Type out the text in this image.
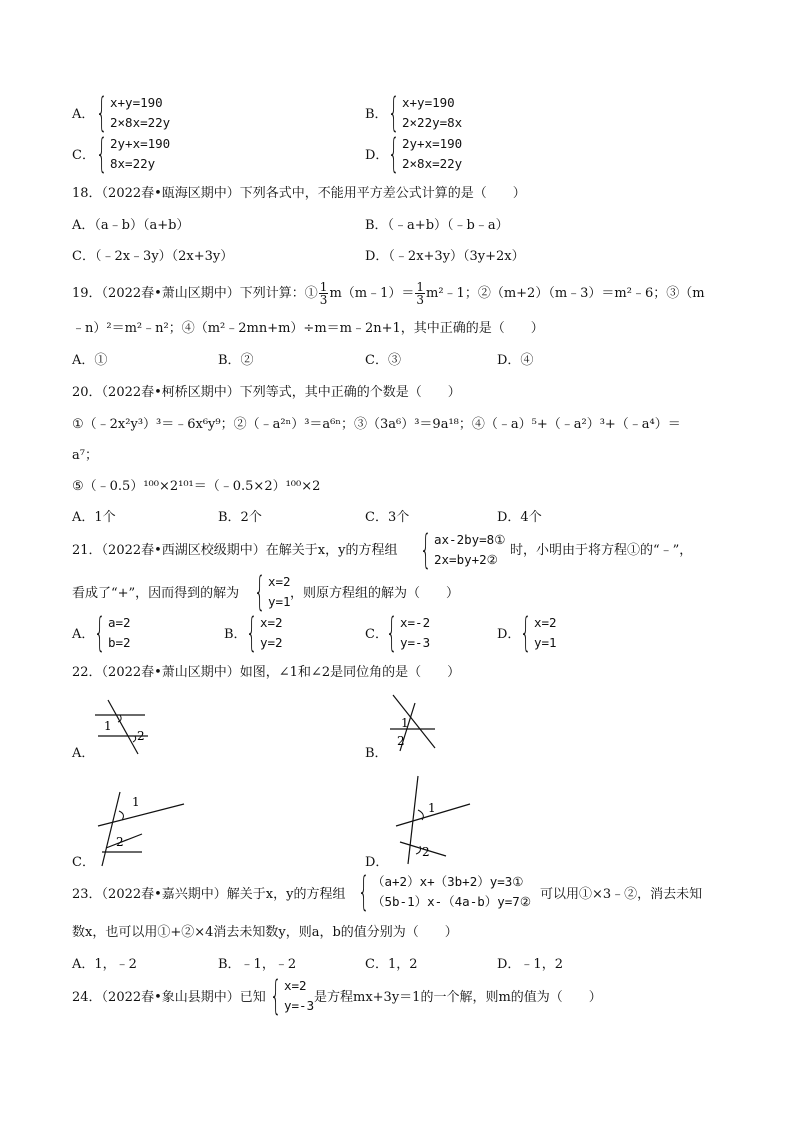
A． { x+y=190
2×8x=22y
B． { x+y=190
2×22y=8x
C． { 2y+x=190
8x=22y
D． { 2y+x=190
2×8x=22y
18．（2022春•瓯海区期中）下列各式中，不能用平方差公式计算的是（　　）
A．（a﹣b）（a+b）	B．（﹣a+b）（﹣b﹣a）
C．（﹣2x﹣3y）（2x+3y）	D．（﹣2x+3y）（3y+2x）
19．（2022春•萧山区期中）下列计算：① $\frac{1}{3}$ m（m﹣1）＝ $\frac{1}{3}$ m²﹣1；②（m+2）（m﹣3）＝m²﹣6；③（m
﹣n）²＝m²﹣n²；④（m²﹣2mn+m）÷m＝m﹣2n+1，其中正确的是（　　）
A．①	B．②	C．③	D．④
20．（2022春•柯桥区期中）下列等式，其中正确的个数是（　　）
①（﹣2x²y³）³＝﹣6x⁶y⁹；②（﹣a²ⁿ）³＝a⁶ⁿ；③（3a⁶）³＝9a¹⁸；④（﹣a）⁵+（﹣a²）³+（﹣a⁴）＝
a⁷；
⑤（﹣0.5）¹⁰⁰×2¹⁰¹＝（﹣0.5×2）¹⁰⁰×2
A．1个	B．2个	C．3个	D．4个
21．（2022春•西湖区校级期中）在解关于x，y的方程组 { ax-2by=8①
2x=by+2②
时，小明由于将方程①的“﹣”，
看成了“+”，因而得到的解为 { x=2
y=1
，则原方程组的解为（　　）
A． { a=2
b=2
B． { x=2
y=2
C．
{ x=-2
y=-3
D． { x=2
y=1
22．（2022春•萧山区期中）如图，∠1和∠2是同位角的是（　　）
A．
1
2
B．
1
2
C．
1
2
D．
1
2
23．（2022春•嘉兴期中）解关于x，y的方程组 { （a+2）x+（3b+2）y=3①
（5b-1）x-（4a-b）y=7② 可以用①×3﹣②，消去未知
数x，也可以用①+②×4消去未知数y，则a，b的值分别为（　　）
A．1，﹣2	B．﹣1，﹣2	C．1，2	D．﹣1，2
24．（2022春•象山县期中）已知 { x=2
y=-3
是方程mx+3y＝1的一个解，则m的值为（　　）
